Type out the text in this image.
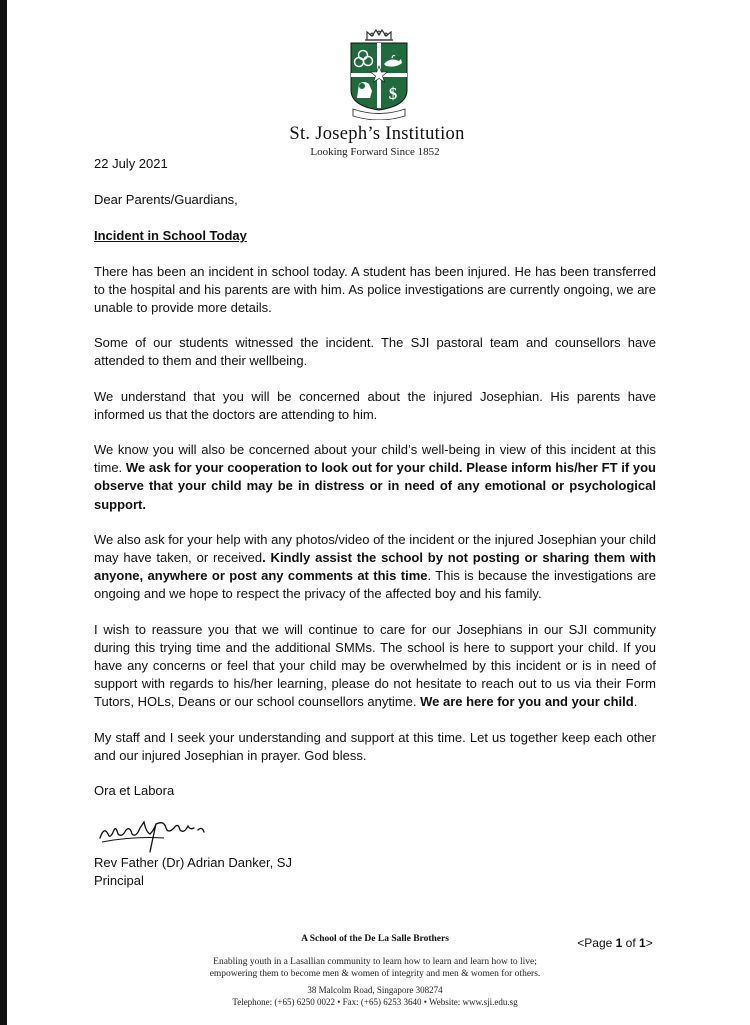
$
St. Joseph’s Institution
Looking Forward Since 1852

22 July 2021

Dear Parents/Guardians,

Incident in School Today

There has been an incident in school today. A student has been injured. He has been transferred to the hospital and his parents are with him. As police investigations are currently ongoing, we are unable to provide more details.

Some of our students witnessed the incident. The SJI pastoral team and counsellors have attended to them and their wellbeing.

We understand that you will be concerned about the injured Josephian. His parents have informed us that the doctors are attending to him.

We know you will also be concerned about your child’s well-being in view of this incident at this time. We ask for your cooperation to look out for your child. Please inform his/her FT if you observe that your child may be in distress or in need of any emotional or psychological support.

We also ask for your help with any photos/video of the incident or the injured Josephian your child may have taken, or received. Kindly assist the school by not posting or sharing them with anyone, anywhere or post any comments at this time. This is because the investigations are ongoing and we hope to respect the privacy of the affected boy and his family.

I wish to reassure you that we will continue to care for our Josephians in our SJI community during this trying time and the additional SMMs. The school is here to support your child. If you have any concerns or feel that your child may be overwhelmed by this incident or is in need of support with regards to his/her learning, please do not hesitate to reach out to us via their Form Tutors, HOLs, Deans or our school counsellors anytime. We are here for you and your child.

My staff and I seek your understanding and support at this time. Let us together keep each other and our injured Josephian in prayer. God bless.

Ora et Labora

Rev Father (Dr) Adrian Danker, SJ

Principal

A School of the De La Salle Brothers	<Page 1 of 1>
Enabling youth in a Lasallian community to learn how to learn and learn how to live;
empowering them to become men & women of integrity and men & women for others.
38 Malcolm Road, Singapore 308274
Telephone: (+65) 6250 0022 • Fax: (+65) 6253 3640 • Website: www.sji.edu.sg
